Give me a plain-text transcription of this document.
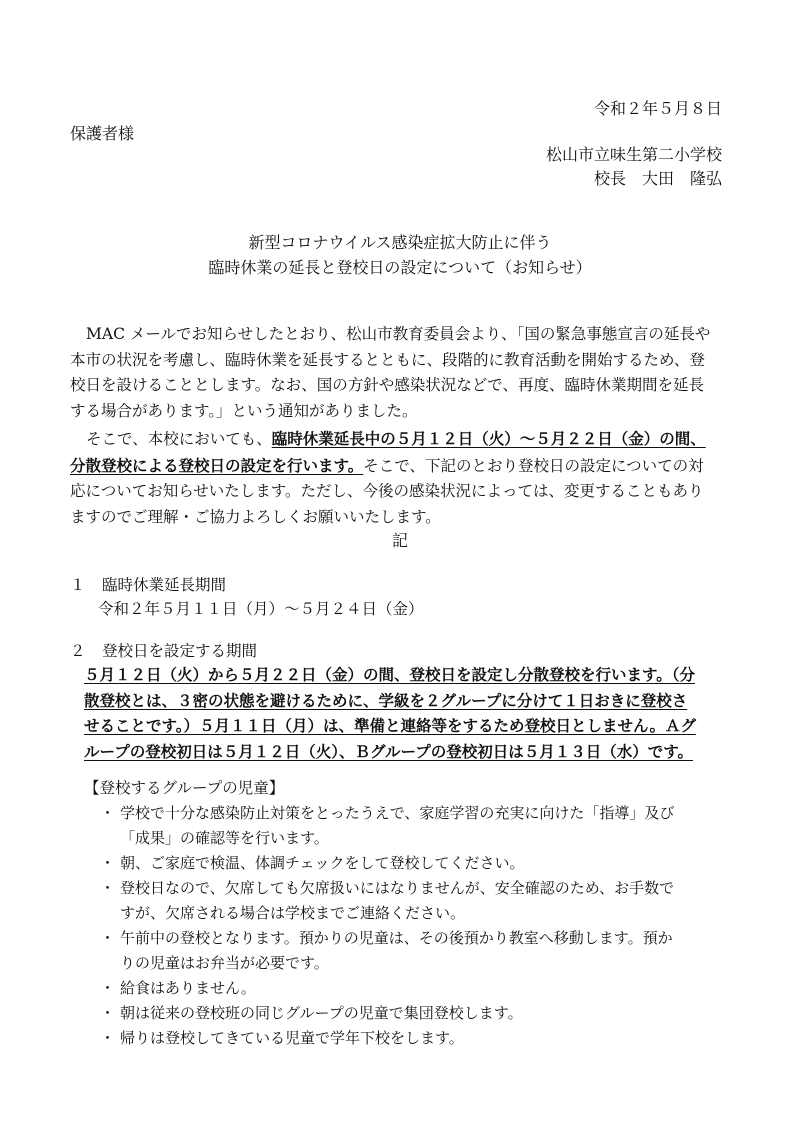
令和２年５月８日
保護者様
松山市立味生第二小学校
校長　大田　隆弘
新型コロナウイルス感染症拡大防止に伴う
臨時休業の延長と登校日の設定について（お知らせ）
MAC メールでお知らせしたとおり、松山市教育委員会より、「国の緊急事態宣言の延長や
本市の状況を考慮し、臨時休業を延長するとともに、段階的に教育活動を開始するため、登
校日を設けることとします。なお、国の方針や感染状況などで、再度、臨時休業期間を延長
する場合があります。」という通知がありました。
そこで、本校においても、臨時休業延長中の５月１２日（火）～５月２２日（金）の間、
分散登校による登校日の設定を行います。そこで、下記のとおり登校日の設定についての対
応についてお知らせいたします。ただし、今後の感染状況によっては、変更することもあり
ますのでご理解・ご協力よろしくお願いいたします。
記
１ 臨時休業延長期間
令和２年５月１１日（月）～５月２４日（金）
２ 登校日を設定する期間
５月１２日（火）から５月２２日（金）の間、登校日を設定し分散登校を行います。（分
散登校とは、３密の状態を避けるために、学級を２グループに分けて１日おきに登校さ
せることです。）５月１１日（月）は、準備と連絡等をするため登校日としません。Ａグ
ループの登校初日は５月１２日（火）、Ｂグループの登校初日は５月１３日（水）です。
【登校するグループの児童】
・ 学校で十分な感染防止対策をとったうえで、家庭学習の充実に向けた「指導」及び
「成果」の確認等を行います。
・ 朝、ご家庭で検温、体調チェックをして登校してください。
・ 登校日なので、欠席しても欠席扱いにはなりませんが、安全確認のため、お手数で
すが、欠席される場合は学校までご連絡ください。
・ 午前中の登校となります。預かりの児童は、その後預かり教室へ移動します。預か
りの児童はお弁当が必要です。
・ 給食はありません。
・ 朝は従来の登校班の同じグループの児童で集団登校します。
・ 帰りは登校してきている児童で学年下校をします。
